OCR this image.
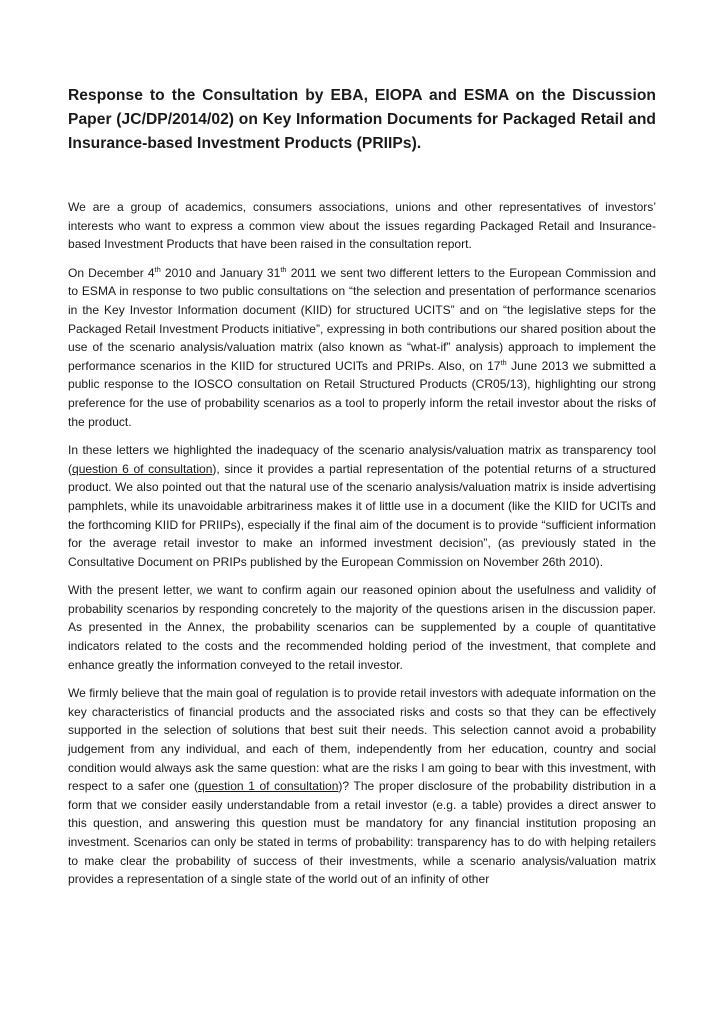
Response to the Consultation by EBA, EIOPA and ESMA on the Discussion Paper (JC/DP/2014/02) on Key Information Documents for Packaged Retail and Insurance-based Investment Products (PRIIPs).

We are a group of academics, consumers associations, unions and other representatives of investors’ interests who want to express a common view about the issues regarding Packaged Retail and Insurance-based Investment Products that have been raised in the consultation report.

On December 4th 2010 and January 31th 2011 we sent two different letters to the European Commission and to ESMA in response to two public consultations on “the selection and presentation of performance scenarios in the Key Investor Information document (KIID) for structured UCITS” and on “the legislative steps for the Packaged Retail Investment Products initiative”, expressing in both contributions our shared position about the use of the scenario analysis/valuation matrix (also known as “what-if” analysis) approach to implement the performance scenarios in the KIID for structured UCITs and PRIPs. Also, on 17th June 2013 we submitted a public response to the IOSCO consultation on Retail Structured Products (CR05/13), highlighting our strong preference for the use of probability scenarios as a tool to properly inform the retail investor about the risks of the product.

In these letters we highlighted the inadequacy of the scenario analysis/valuation matrix as transparency tool (question 6 of consultation), since it provides a partial representation of the potential returns of a structured product. We also pointed out that the natural use of the scenario analysis/valuation matrix is inside advertising pamphlets, while its unavoidable arbitrariness makes it of little use in a document (like the KIID for UCITs and the forthcoming KIID for PRIIPs), especially if the final aim of the document is to provide “sufficient information for the average retail investor to make an informed investment decision”, (as previously stated in the Consultative Document on PRIPs published by the European Commission on November 26th 2010).

With the present letter, we want to confirm again our reasoned opinion about the usefulness and validity of probability scenarios by responding concretely to the majority of the questions arisen in the discussion paper. As presented in the Annex, the probability scenarios can be supplemented by a couple of quantitative indicators related to the costs and the recommended holding period of the investment, that complete and enhance greatly the information conveyed to the retail investor.

We firmly believe that the main goal of regulation is to provide retail investors with adequate information on the key characteristics of financial products and the associated risks and costs so that they can be effectively supported in the selection of solutions that best suit their needs. This selection cannot avoid a probability judgement from any individual, and each of them, independently from her education, country and social condition would always ask the same question: what are the risks I am going to bear with this investment, with respect to a safer one (question 1 of consultation)? The proper disclosure of the probability distribution in a form that we consider easily understandable from a retail investor (e.g. a table) provides a direct answer to this question, and answering this question must be mandatory for any financial institution proposing an investment. Scenarios can only be stated in terms of probability: transparency has to do with helping retailers to make clear the probability of success of their investments, while a scenario analysis/valuation matrix provides a representation of a single state of the world out of an infinity of other
